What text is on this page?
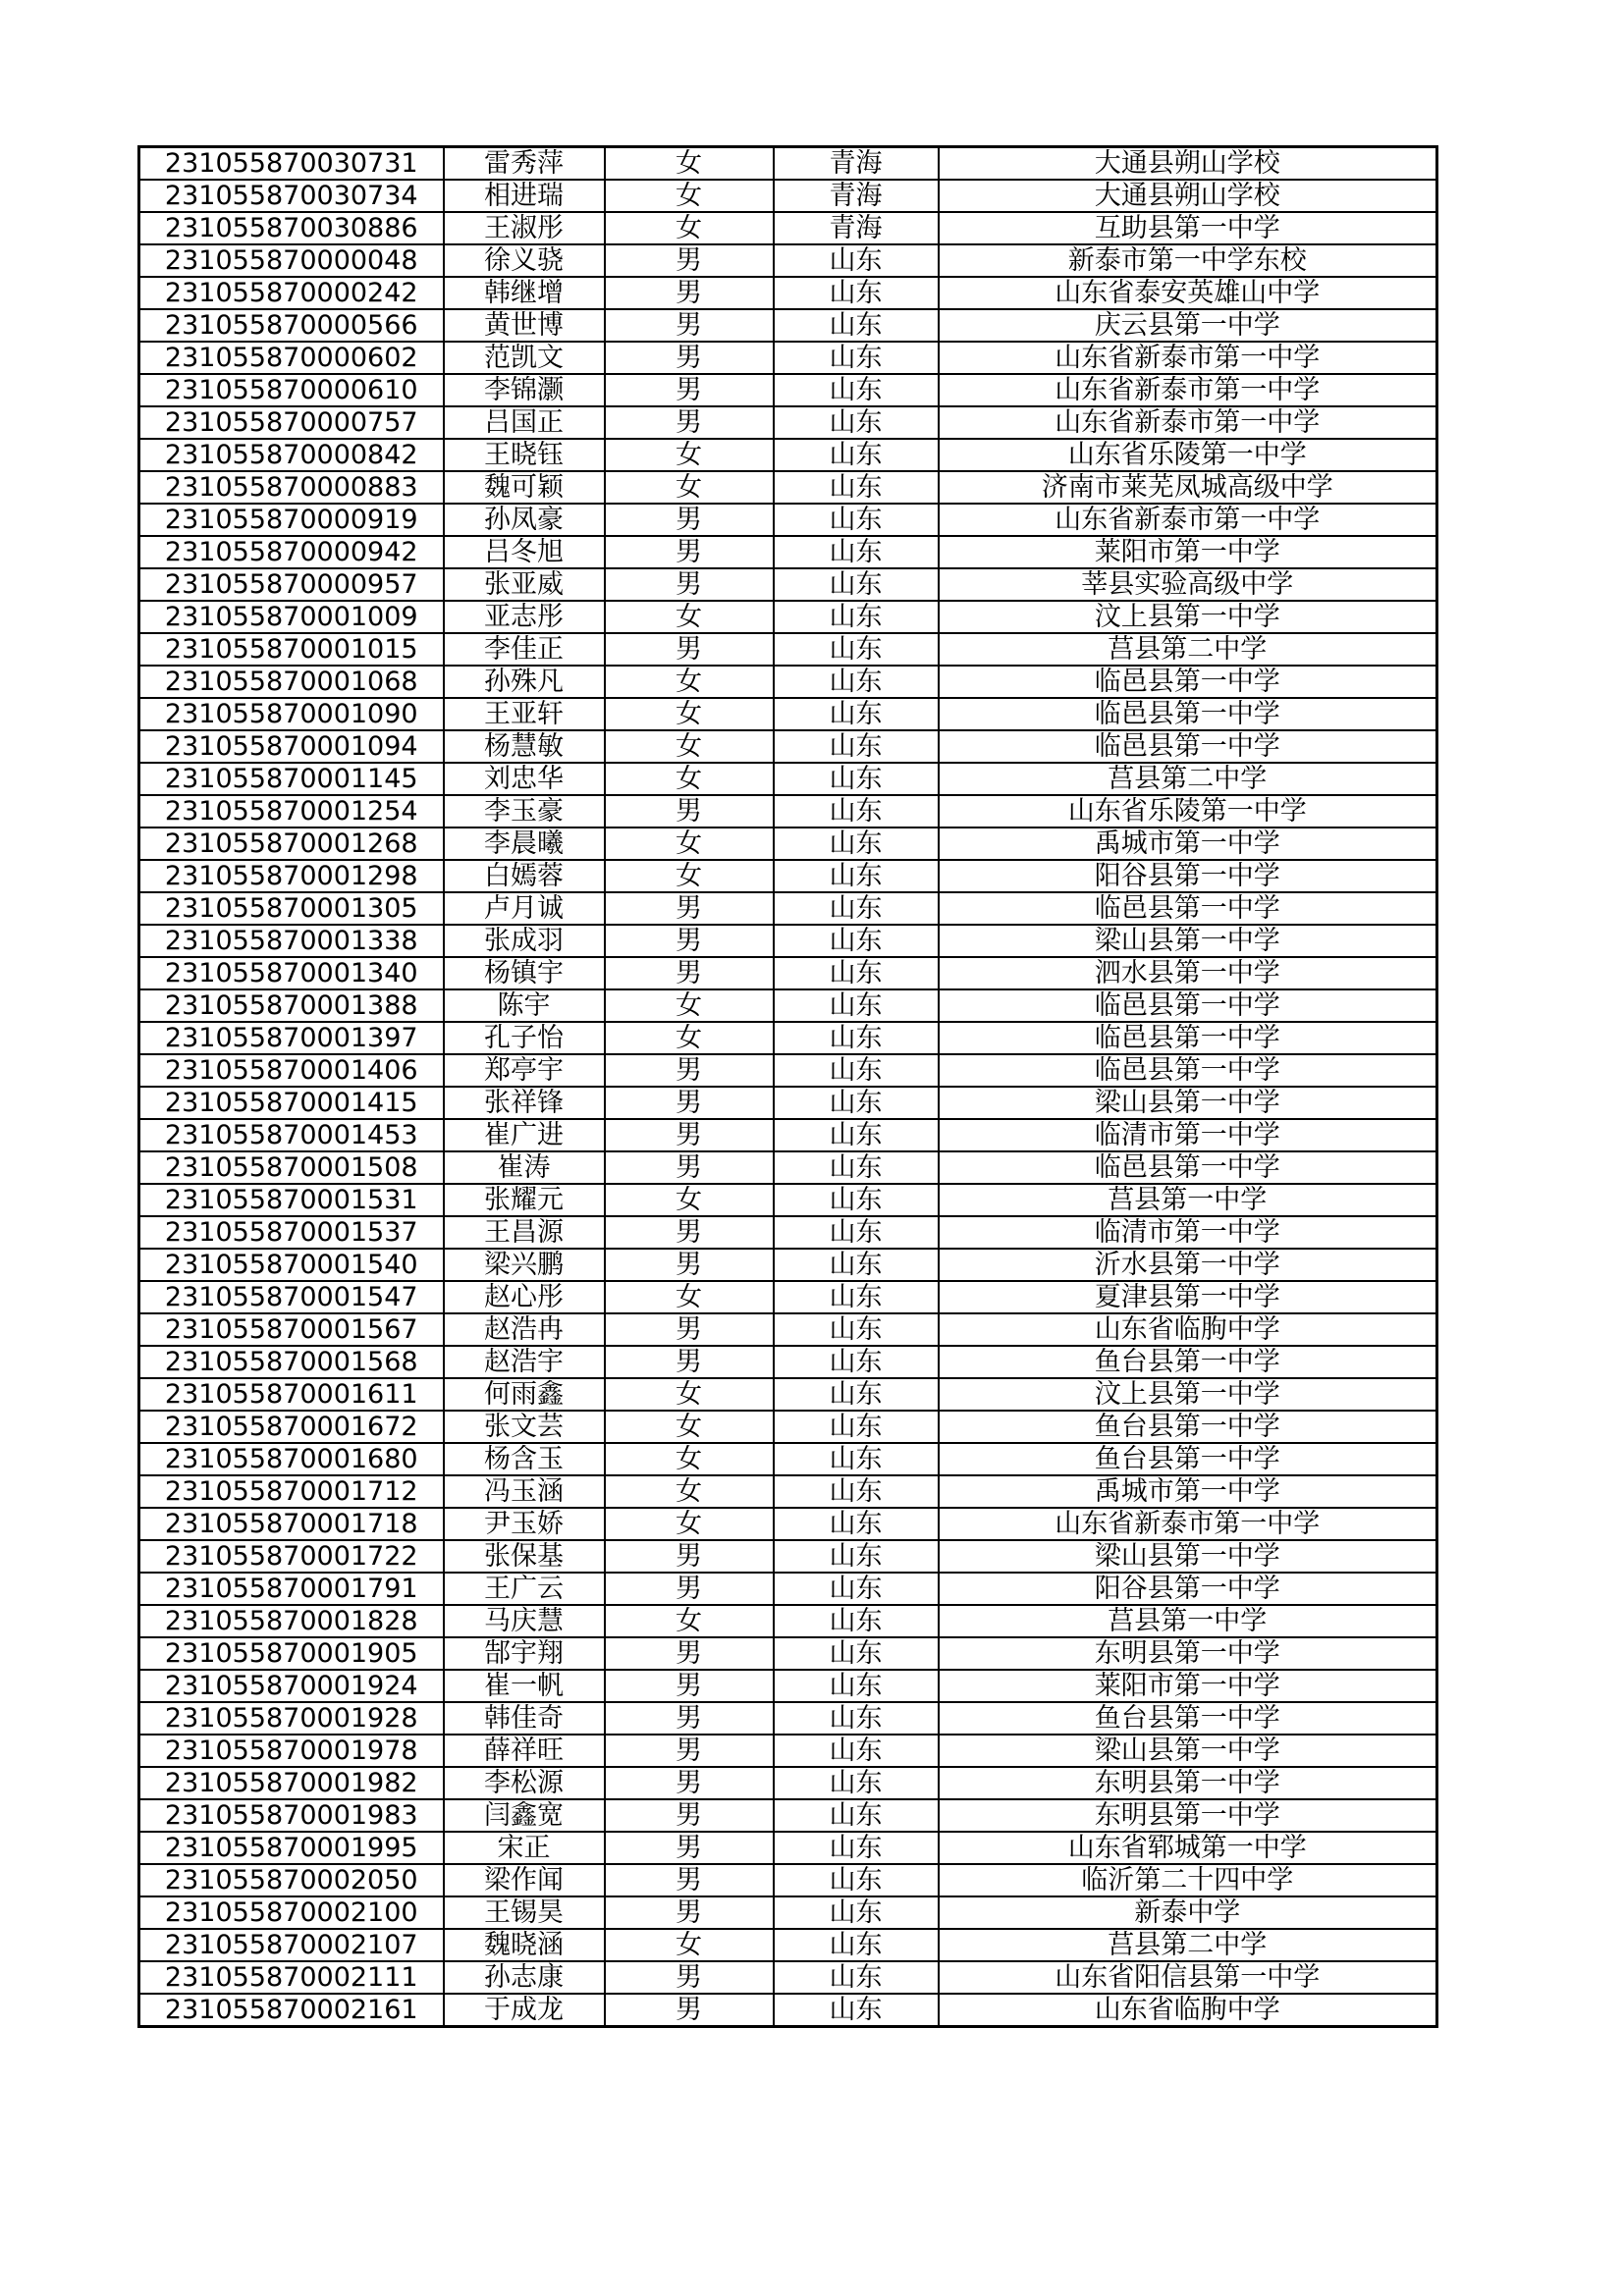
231055870030731	雷秀萍	女	青海	大通县朔山学校
231055870030734	相进瑞	女	青海	大通县朔山学校
231055870030886	王淑彤	女	青海	互助县第一中学
231055870000048	徐义骁	男	山东	新泰市第一中学东校
231055870000242	韩继增	男	山东	山东省泰安英雄山中学
231055870000566	黄世博	男	山东	庆云县第一中学
231055870000602	范凯文	男	山东	山东省新泰市第一中学
231055870000610	李锦灏	男	山东	山东省新泰市第一中学
231055870000757	吕国正	男	山东	山东省新泰市第一中学
231055870000842	王晓钰	女	山东	山东省乐陵第一中学
231055870000883	魏可颖	女	山东	济南市莱芜凤城高级中学
231055870000919	孙凤豪	男	山东	山东省新泰市第一中学
231055870000942	吕冬旭	男	山东	莱阳市第一中学
231055870000957	张亚威	男	山东	莘县实验高级中学
231055870001009	亚志彤	女	山东	汶上县第一中学
231055870001015	李佳正	男	山东	莒县第二中学
231055870001068	孙殊凡	女	山东	临邑县第一中学
231055870001090	王亚轩	女	山东	临邑县第一中学
231055870001094	杨慧敏	女	山东	临邑县第一中学
231055870001145	刘忠华	女	山东	莒县第二中学
231055870001254	李玉豪	男	山东	山东省乐陵第一中学
231055870001268	李晨曦	女	山东	禹城市第一中学
231055870001298	白嫣蓉	女	山东	阳谷县第一中学
231055870001305	卢月诚	男	山东	临邑县第一中学
231055870001338	张成羽	男	山东	梁山县第一中学
231055870001340	杨镇宇	男	山东	泗水县第一中学
231055870001388	陈宇	女	山东	临邑县第一中学
231055870001397	孔子怡	女	山东	临邑县第一中学
231055870001406	郑亭宇	男	山东	临邑县第一中学
231055870001415	张祥锋	男	山东	梁山县第一中学
231055870001453	崔广进	男	山东	临清市第一中学
231055870001508	崔涛	男	山东	临邑县第一中学
231055870001531	张耀元	女	山东	莒县第一中学
231055870001537	王昌源	男	山东	临清市第一中学
231055870001540	梁兴鹏	男	山东	沂水县第一中学
231055870001547	赵心彤	女	山东	夏津县第一中学
231055870001567	赵浩冉	男	山东	山东省临朐中学
231055870001568	赵浩宇	男	山东	鱼台县第一中学
231055870001611	何雨鑫	女	山东	汶上县第一中学
231055870001672	张文芸	女	山东	鱼台县第一中学
231055870001680	杨含玉	女	山东	鱼台县第一中学
231055870001712	冯玉涵	女	山东	禹城市第一中学
231055870001718	尹玉娇	女	山东	山东省新泰市第一中学
231055870001722	张保基	男	山东	梁山县第一中学
231055870001791	王广云	男	山东	阳谷县第一中学
231055870001828	马庆慧	女	山东	莒县第一中学
231055870001905	郜宇翔	男	山东	东明县第一中学
231055870001924	崔一帆	男	山东	莱阳市第一中学
231055870001928	韩佳奇	男	山东	鱼台县第一中学
231055870001978	薛祥旺	男	山东	梁山县第一中学
231055870001982	李松源	男	山东	东明县第一中学
231055870001983	闫鑫宽	男	山东	东明县第一中学
231055870001995	宋正	男	山东	山东省郓城第一中学
231055870002050	梁作闻	男	山东	临沂第二十四中学
231055870002100	王锡昊	男	山东	新泰中学
231055870002107	魏晓涵	女	山东	莒县第二中学
231055870002111	孙志康	男	山东	山东省阳信县第一中学
231055870002161	于成龙	男	山东	山东省临朐中学
